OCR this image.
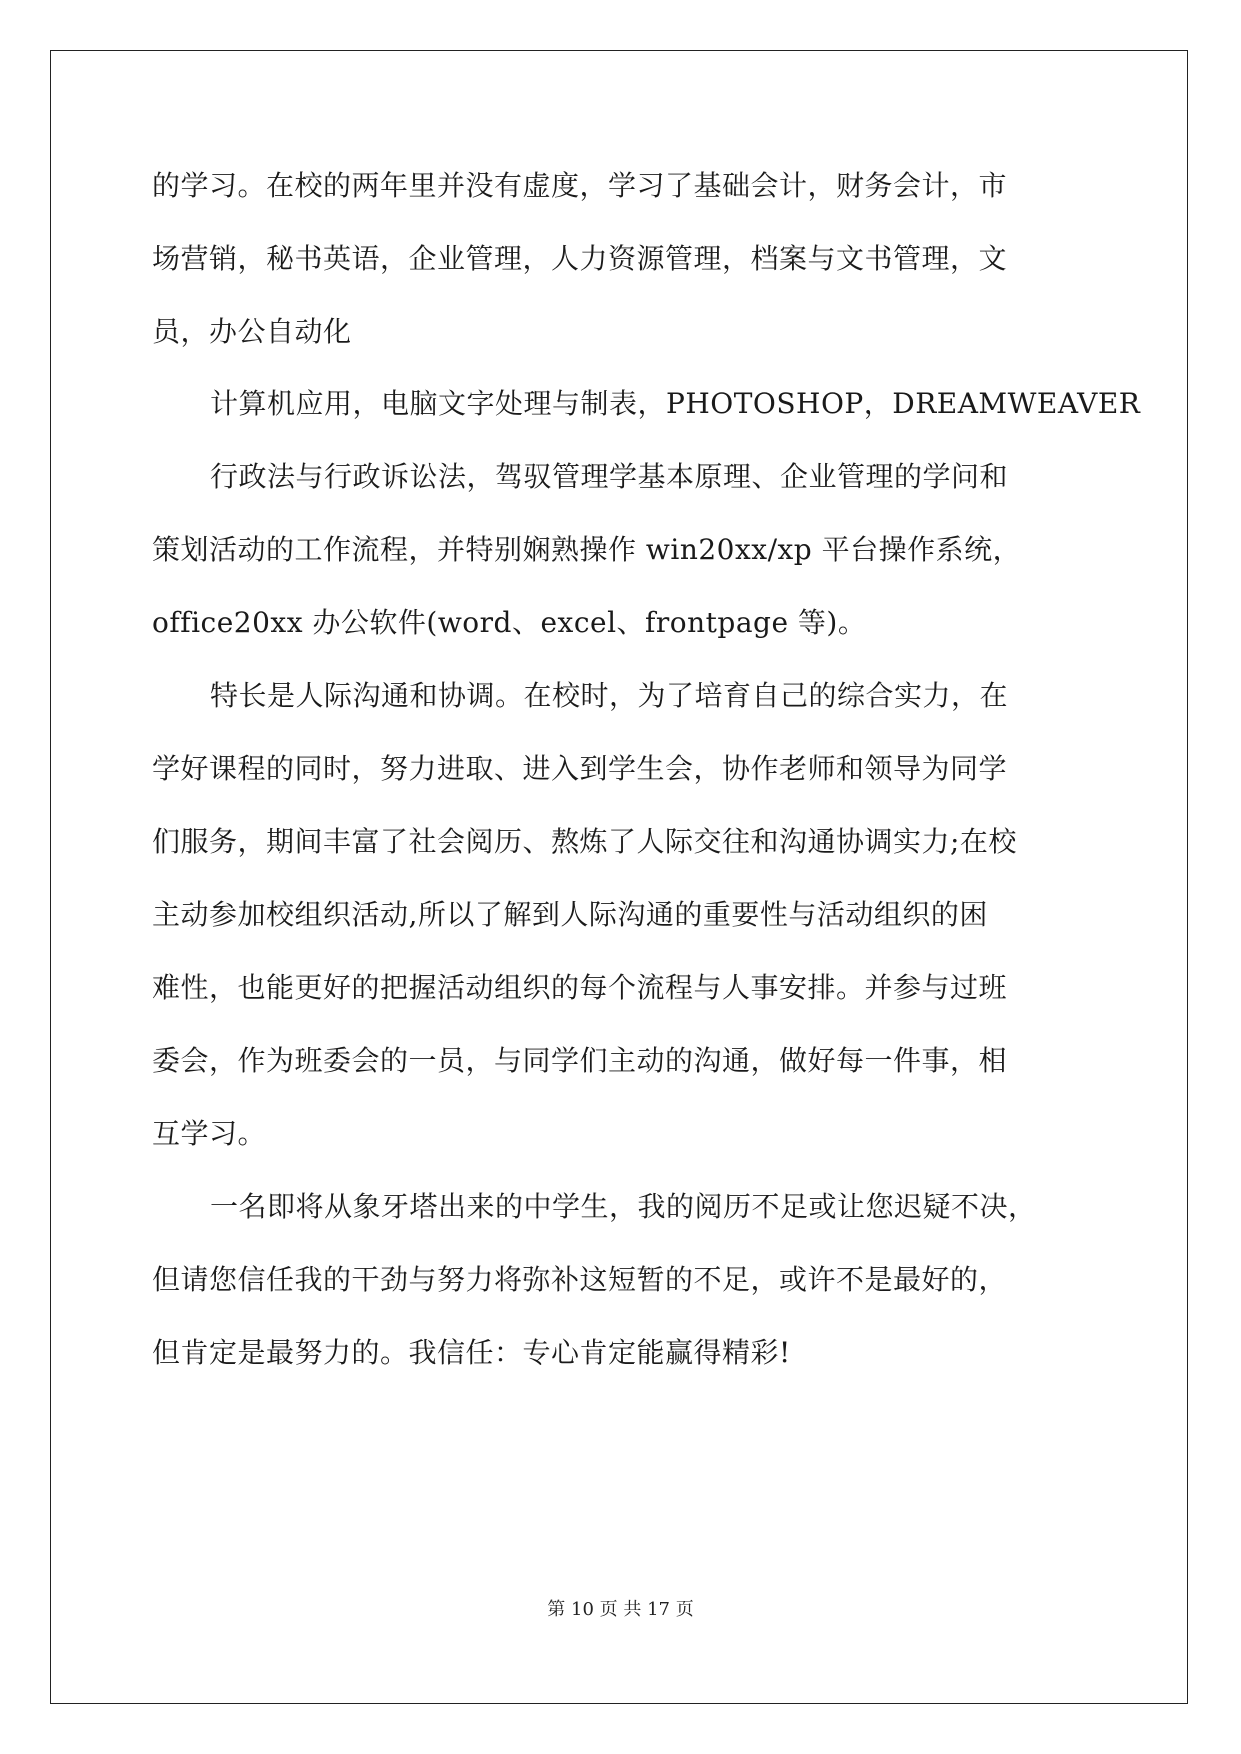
的学习。在校的两年里并没有虚度，学习了基础会计，财务会计，市
场营销，秘书英语，企业管理，人力资源管理，档案与文书管理，文
员，办公自动化
计算机应用，电脑文字处理与制表，PHOTOSHOP，DREAMWEAVER
行政法与行政诉讼法，驾驭管理学基本原理、企业管理的学问和
策划活动的工作流程，并特别娴熟操作 win20xx/xp 平台操作系统，
office20xx 办公软件(word、excel、frontpage 等)。
特长是人际沟通和协调。在校时，为了培育自己的综合实力，在
学好课程的同时，努力进取、进入到学生会，协作老师和领导为同学
们服务，期间丰富了社会阅历、熬炼了人际交往和沟通协调实力;在校
主动参加校组织活动,所以了解到人际沟通的重要性与活动组织的困
难性，也能更好的把握活动组织的每个流程与人事安排。并参与过班
委会，作为班委会的一员，与同学们主动的沟通，做好每一件事，相
互学习。
一名即将从象牙塔出来的中学生，我的阅历不足或让您迟疑不决，
但请您信任我的干劲与努力将弥补这短暂的不足，或许不是最好的，
但肯定是最努力的。我信任：专心肯定能赢得精彩!
第 10 页 共 17 页
